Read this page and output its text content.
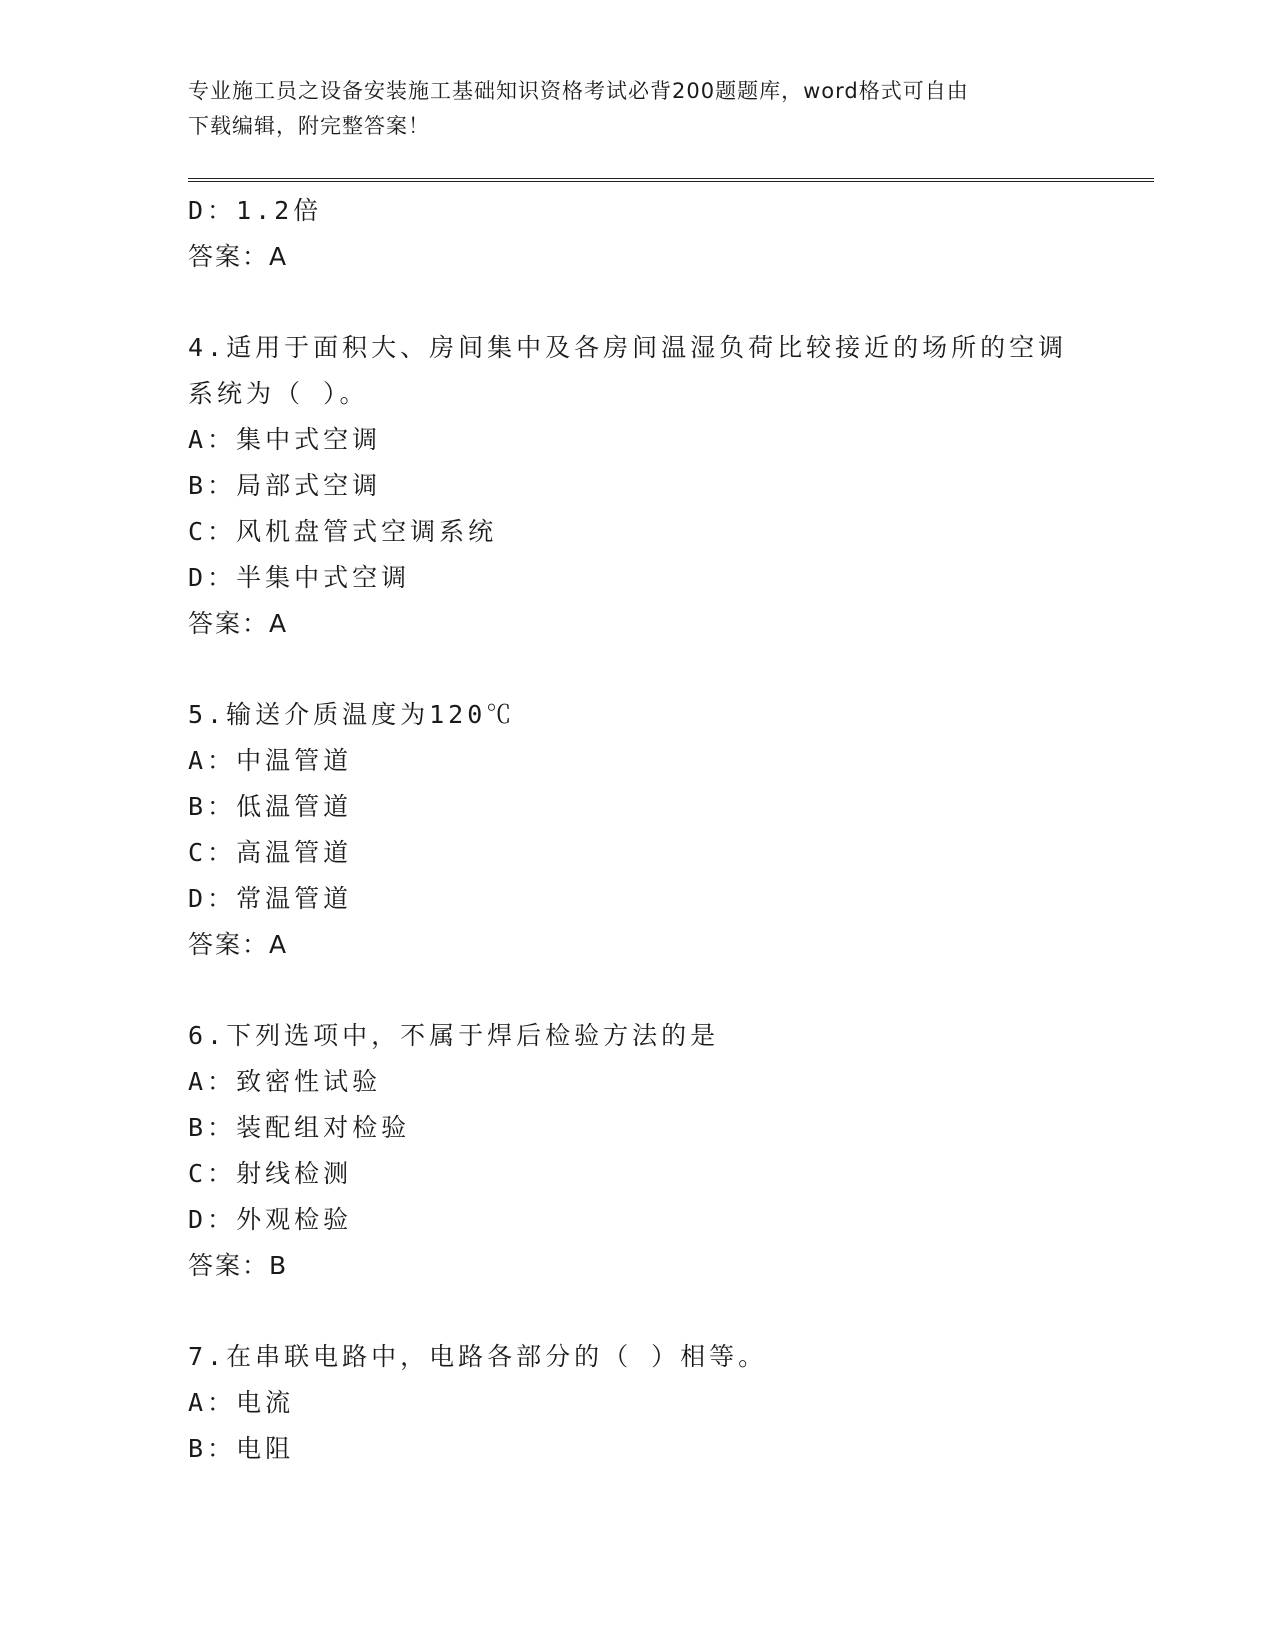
专业施工员之设备安装施工基础知识资格考试必背200题题库，word格式可自由
下载编辑，附完整答案！
D：1.2倍
答案：A
4.适用于面积大、房间集中及各房间温湿负荷比较接近的场所的空调系统为（ ）。
A：集中式空调
B：局部式空调
C：风机盘管式空调系统
D：半集中式空调
答案：A
5.输送介质温度为120℃
A：中温管道
B：低温管道
C：高温管道
D：常温管道
答案：A
6.下列选项中，不属于焊后检验方法的是
A：致密性试验
B：装配组对检验
C：射线检测
D：外观检验
答案：B
7.在串联电路中，电路各部分的（ ）相等。
A：电流
B：电阻
